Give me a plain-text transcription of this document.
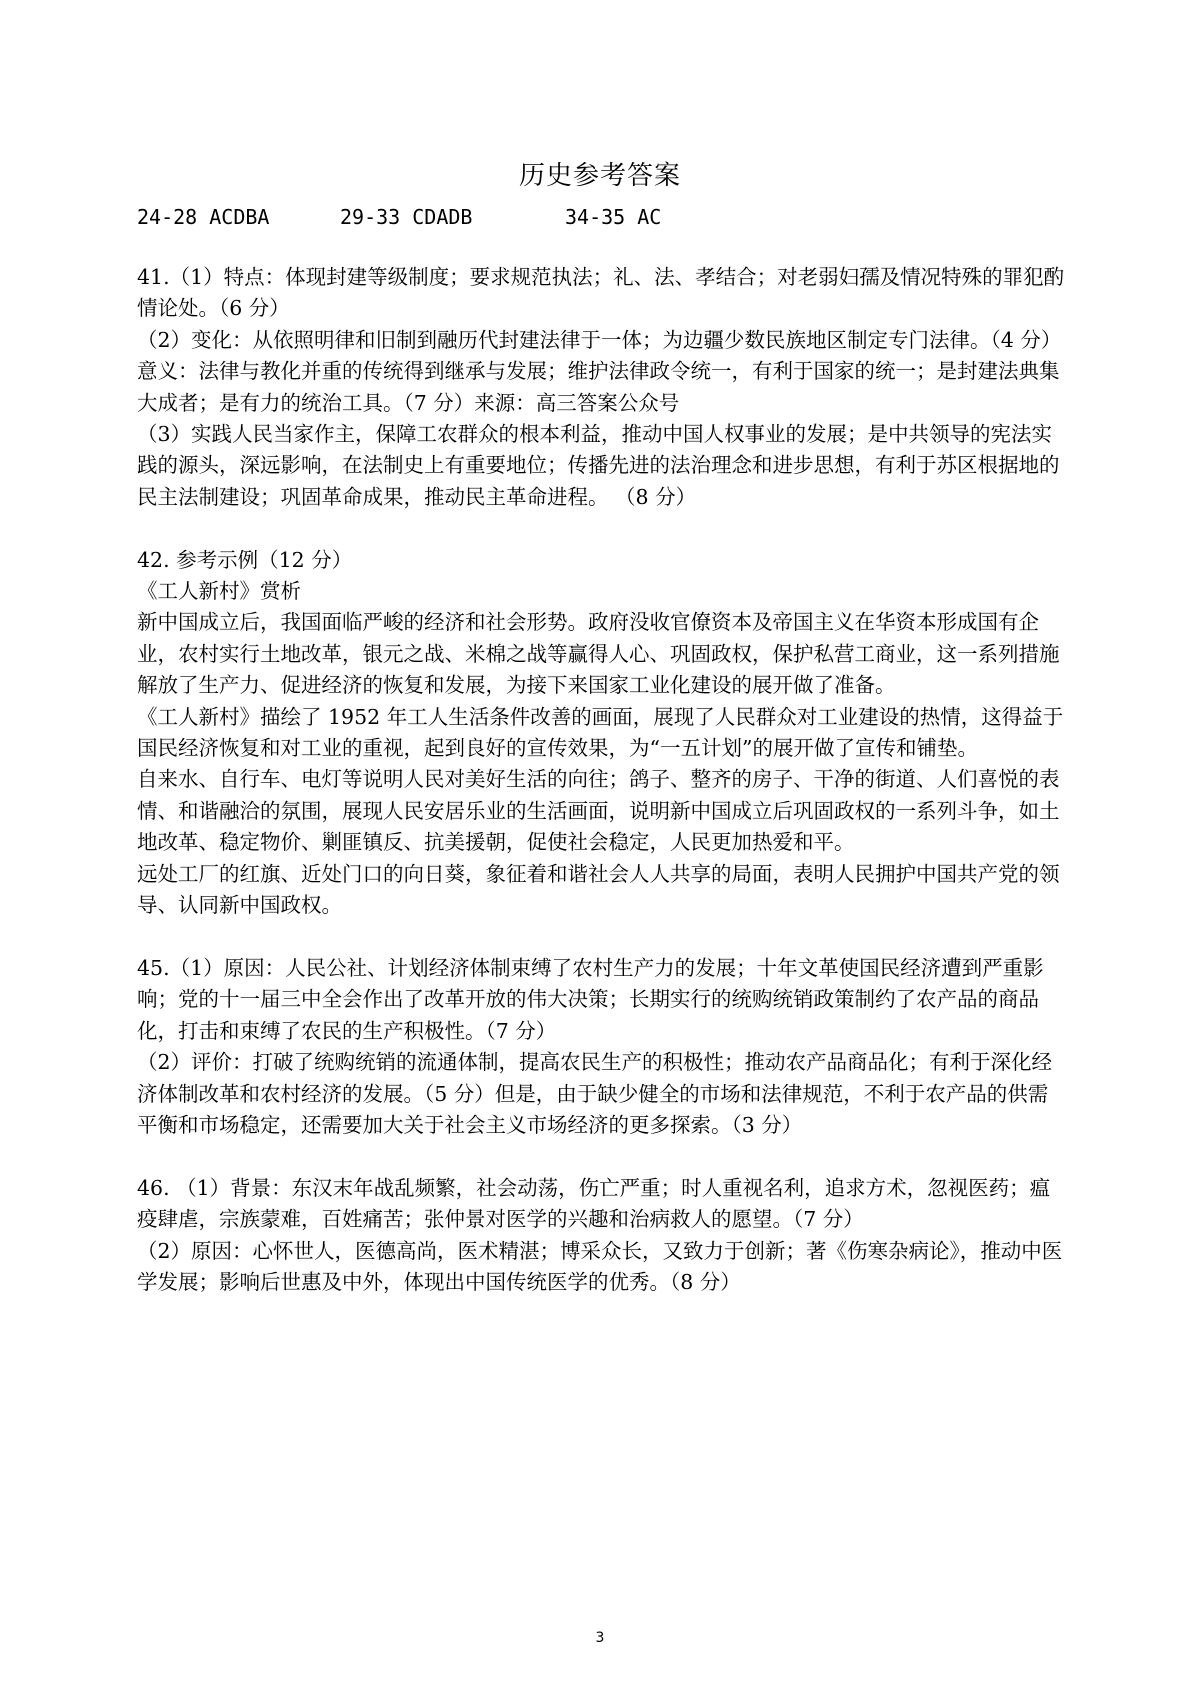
历史参考答案
24-28 ACDBA	29-33 CDADB	34-35 AC

41.（1）特点：体现封建等级制度；要求规范执法；礼、法、孝结合；对老弱妇孺及情况特殊的罪犯酌情论处。（6 分）

（2）变化：从依照明律和旧制到融历代封建法律于一体；为边疆少数民族地区制定专门法律。（4 分）

意义：法律与教化并重的传统得到继承与发展；维护法律政令统一，有利于国家的统一；是封建法典集大成者；是有力的统治工具。（7 分）来源：高三答案公众号

（3）实践人民当家作主，保障工农群众的根本利益，推动中国人权事业的发展；是中共领导的宪法实践的源头，深远影响，在法制史上有重要地位；传播先进的法治理念和进步思想，有利于苏区根据地的民主法制建设；巩固革命成果，推动民主革命进程。 （8 分）

42. 参考示例（12 分）

《工人新村》赏析

新中国成立后，我国面临严峻的经济和社会形势。政府没收官僚资本及帝国主义在华资本形成国有企业，农村实行土地改革，银元之战、米棉之战等赢得人心、巩固政权，保护私营工商业，这一系列措施解放了生产力、促进经济的恢复和发展，为接下来国家工业化建设的展开做了准备。

《工人新村》描绘了 1952 年工人生活条件改善的画面，展现了人民群众对工业建设的热情，这得益于国民经济恢复和对工业的重视，起到良好的宣传效果，为“一五计划”的展开做了宣传和铺垫。

自来水、自行车、电灯等说明人民对美好生活的向往；鸽子、整齐的房子、干净的街道、人们喜悦的表情、和谐融洽的氛围，展现人民安居乐业的生活画面，说明新中国成立后巩固政权的一系列斗争，如土地改革、稳定物价、剿匪镇反、抗美援朝，促使社会稳定，人民更加热爱和平。

远处工厂的红旗、近处门口的向日葵，象征着和谐社会人人共享的局面，表明人民拥护中国共产党的领导、认同新中国政权。

45.（1）原因：人民公社、计划经济体制束缚了农村生产力的发展；十年文革使国民经济遭到严重影响；党的十一届三中全会作出了改革开放的伟大决策；长期实行的统购统销政策制约了农产品的商品化，打击和束缚了农民的生产积极性。（7 分）

（2）评价：打破了统购统销的流通体制，提高农民生产的积极性；推动农产品商品化；有利于深化经济体制改革和农村经济的发展。（5 分）但是，由于缺少健全的市场和法律规范，不利于农产品的供需平衡和市场稳定，还需要加大关于社会主义市场经济的更多探索。（3 分）

46. （1）背景：东汉末年战乱频繁，社会动荡，伤亡严重；时人重视名利，追求方术，忽视医药；瘟疫肆虐，宗族蒙难，百姓痛苦；张仲景对医学的兴趣和治病救人的愿望。（7 分）

（2）原因：心怀世人，医德高尚，医术精湛；博采众长，又致力于创新；著《伤寒杂病论》，推动中医学发展；影响后世惠及中外，体现出中国传统医学的优秀。（8 分）

3
